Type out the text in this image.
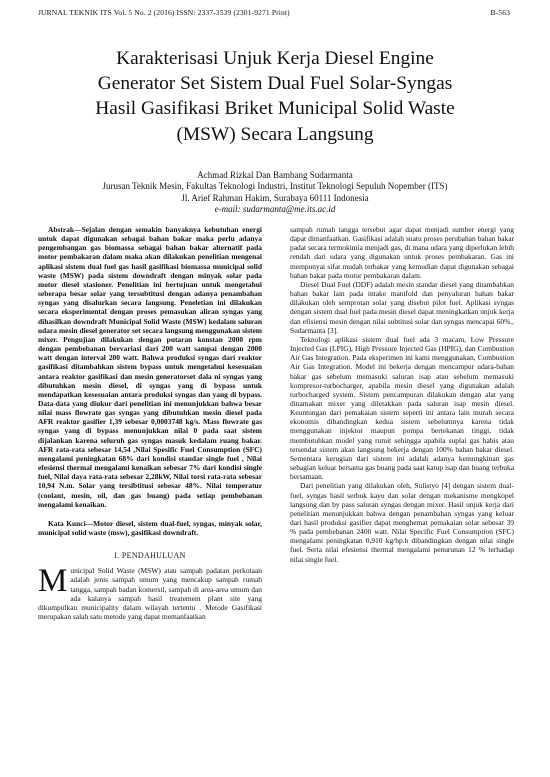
JURNAL TEKNIK ITS Vol. 5 No. 2 (2016) ISSN: 2337-3539 (2301-9271 Print)	B-563
Karakterisasi Unjuk Kerja Diesel Engine
Generator Set Sistem Dual Fuel Solar-Syngas
Hasil Gasifikasi Briket Municipal Solid Waste
(MSW) Secara Langsung
Achmad Rizkal Dan Bambang Sudarmanta
Jurusan Teknik Mesin, Fakultas Teknologi Industri, Institut Teknologi Sepuluh Nopember (ITS)
Jl. Arief Rahman Hakim, Surabaya 60111 Indonesia
e-mail: sudarmanta@me.its.ac.id

Abstrak—Sejalan dengan semakin banyaknya kebutuhan energi untuk dapat digunakan sebagai bahan bakar maka perlu adanya pengembangan gas biomassa sebagai bahan bakar alternatif pada motor pembakaran dalam maka akan dilakukan penelitian mengenai aplikasi sistem dual fuel gas hasil gasifikasi biomassa municipal solid waste (MSW) pada sistem downdraft dengan minyak solar pada motor diesel stasioner. Penelitian ini bertujuan untuk mengetahui seberapa besar solar yang tersubtitusi dengan adanya penambahan syngas yang disalurkan secara langsung. Peneletian ini dilakukan secara eksperimental dengan proses pemasukan aliran syngas yang dihasilkan downdraft Municipal Solid Waste (MSW) kedalam saluran udara mesin diesel generator set secara langsung menggunakan sistem mixer. Pengujian dilakukan dengan putaran konstan 2000 rpm dengan pembebanan bervariasi dari 200 watt sampai dengan 2000 watt dengan interval 200 watt. Bahwa produksi syngas dari reaktor gasifikasi ditambahkan sistem bypass untuk mengetahui kesesuaian antara reaktor gasifikasi dan mesin generatorset dala ni syngas yang dibutuhkan mesin diesel, di syngas yang di bypass untuk mendapatkan kesesuaian antara produksi syngas dan yang di bypass. Data-data yang diukur dari penelitian ini menunjukkan bahwa besar nilai mass flowrate gas syngas yang dibutuhkan mesin diesel pada AFR reaktor gasifier 1,39 sebesar 0,0003748 kg/s. Mass flowrate gas syngas yang di bypass menunjukkan nilai 0 pada saat sistem dijalankan karena seluruh gas syngas masuk kedalam ruang bakar. AFR rata-rata sebesar 14,54 ,Nilai Spesific Fuel Consumption (SFC) mengalami peningkatan 68% dari kondisi standar single fuel , Nilai efesiensi thermal mengalami kenaikan sebesar 7% dari kondisi single fuel, Nilai daya rata-rata sebesar 2,28kW, Nilai torsi rata-rata sebesar 10,94 N.m. Solar yang tersibtitusi sebesar 48%. Nilai temperatur (coolant, mesin, oil, dan gas buang) pada setiap pembebanan mengalami kenaikan.

Kata Kunci—Motor diesel, sistem dual-fuel, syngas, minyak solar, municipal solid waste (msw), gasifikasi downdraft.

I. PENDAHULUAN

Municipal Solid Waste (MSW) atau sampah padatan perkotaan adalah jenis sampah umum yang mencakup sampah rumah tangga, sampah badan komersil, sampah di area-area umum dan ada kalanya sampah hasil treatement plant site yang dikumpulkan municipality dalam wilayah tertentu . Metode Gasifikasi merupakan salah satu metode yang dapat memanfaatkan

sampah rumah tangga tersebut agar dapat menjadi sumber energi yang dapat dimanfaatkan. Gasifikasi adalah suatu proses perubahan bahan bakar padat secara termokimia menjadi gas, di mana udara yang diperlukan lebih rendah dari udara yang digunakan untuk proses pembakaran. Gas ini mempunyai sifat mudah terbakar yang kemudian dapat digunakan sebagai bahan bakar pada motor pembakaran dalam.

Diesel Dual Fuel (DDF) adalah mesin standar diesel yang ditambahkan bahan bakar lain pada intake manifold dan penyaluran bahan bakar dilakukan oleh semprotan solar yang disebut pilot fuel. Aplikasi syngas dengan sistem dual fuel pada mesin diesel dapat meningkatkan unjuk kerja dan efisiensi mesin dengan nilai subtitusi solar dan syngas mencapai 60%., Sudarmanta [3].

Teknologi aplikasi sistem dual fuel ada 3 macam, Low Pressure Injected Gas (LPIG), High Pressure Injected Gas (HPIG), dan Combustion Air Gas Integration. Pada eksperimen ini kami menggunakan, Combustion Air Gas Integration. Model ini bekerja dengan mencampur udara-bahan bakar gas sebelum memasuki saluran isap atau sebelum memasuki kompresor-turbocharger, apabila mesin diesel yang digunakan adalah turbocharged system. Sistem pencampuran dilakukan dengan alat yang dinamakan mixer yang diletakkan pada saluran isap mesin diesel. Keuntungan dari pemakaian sistem seperti ini antara lain murah secara ekonomis dibandingkan kedua sistem sebelumnya karena tidak menggunakan injektor maupun pompa bertekanan tinggi, tidak membutuhkan model yang rumit sehingga apabila suplai gas habis atau tersendat sistem akan langsung bekerja dengan 100% bahan bakar diesel. Sementara kerugian dari sistem ini adalah adanya kemungkinan gas sebagian keluar bersama gas buang pada saat katup isap dan buang terbuka bersamaan.

Dari penelitian yang dilakukan oleh, Sulistyo [4] dengan sistem dual-fuel, syngas hasil serbuk kayu dan solar dengan mekanisme mengkopel langsung dan by pass saluran syngas dengan mixer. Hasil unjuk kerja dari penelitian menunjukkan bahwa dengan penambahan syngas yang keluar dari hasil produksi gasifier dapat menghemat pemakaian solar sebesar 39 % pada pembebanan 2400 watt. Nilai Specific Fuel Consumption (SFC) mengalami peningkatan 0,910 kg/hp.h dibandingkan dengan nilai single fuel. Serta nilai efesiensi thermal mengalami penurunan 12 % terhadap nilai single fuel.
